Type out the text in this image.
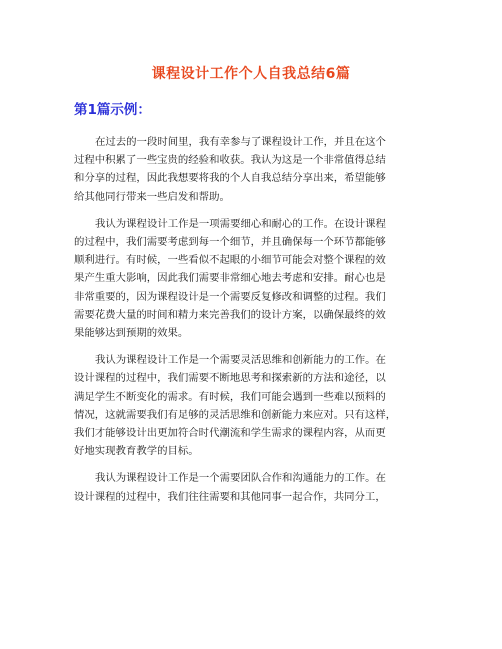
课程设计工作个人自我总结6篇
第1篇示例：

在过去的一段时间里，我有幸参与了课程设计工作，并且在这个
过程中积累了一些宝贵的经验和收获。我认为这是一个非常值得总结
和分享的过程，因此我想要将我的个人自我总结分享出来，希望能够
给其他同行带来一些启发和帮助。

我认为课程设计工作是一项需要细心和耐心的工作。在设计课程
的过程中，我们需要考虑到每一个细节，并且确保每一个环节都能够
顺利进行。有时候，一些看似不起眼的小细节可能会对整个课程的效
果产生重大影响，因此我们需要非常细心地去考虑和安排。耐心也是
非常重要的，因为课程设计是一个需要反复修改和调整的过程。我们
需要花费大量的时间和精力来完善我们的设计方案，以确保最终的效
果能够达到预期的效果。

我认为课程设计工作是一个需要灵活思维和创新能力的工作。在
设计课程的过程中，我们需要不断地思考和探索新的方法和途径，以
满足学生不断变化的需求。有时候，我们可能会遇到一些难以预料的
情况，这就需要我们有足够的灵活思维和创新能力来应对。只有这样，
我们才能够设计出更加符合时代潮流和学生需求的课程内容，从而更
好地实现教育教学的目标。

我认为课程设计工作是一个需要团队合作和沟通能力的工作。在
设计课程的过程中，我们往往需要和其他同事一起合作，共同分工，
